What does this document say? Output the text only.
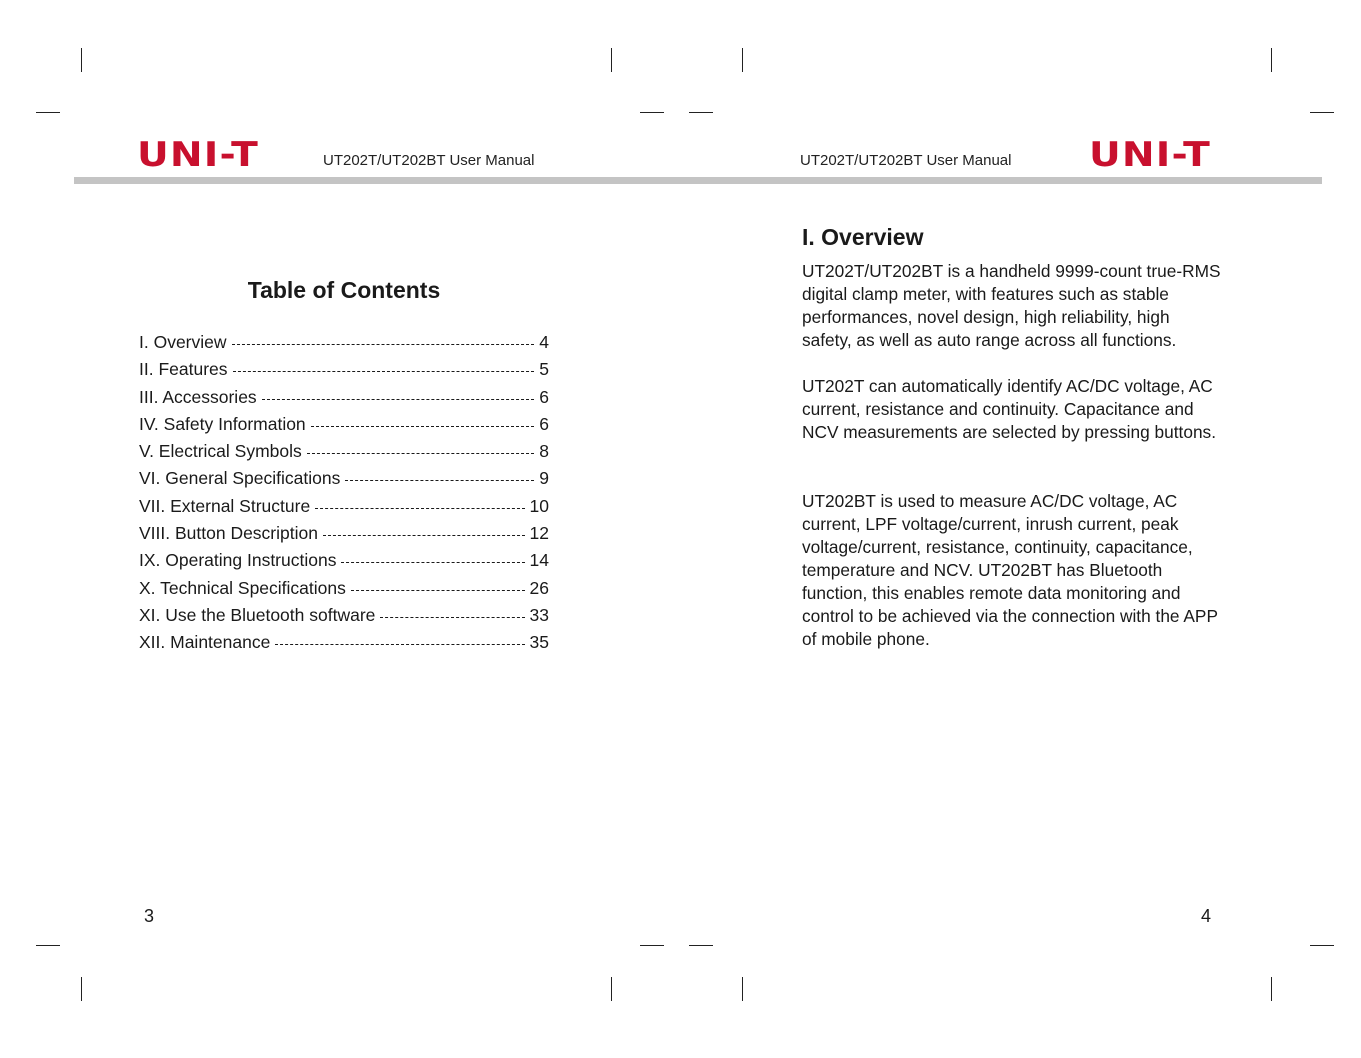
UNI-T	UT202T/UT202BT User Manual	UT202T/UT202BT User Manual UNI-T
Table of Contents
I. Overview	4
II. Features	5
III. Accessories	6
IV. Safety Information	6
V. Electrical Symbols	8
VI. General Specifications	9
VII. External Structure	10
VIII. Button Description	12
IX. Operating Instructions	14
X. Technical Specifications	26
XI. Use the Bluetooth software	33
XII. Maintenance	35
3
I. Overview

UT202T/UT202BT is a handheld 9999-count true-RMS digital clamp meter, with features such as stable performances, novel design, high reliability, high safety, as well as auto range across all functions.

UT202T can automatically identify AC/DC voltage, AC current, resistance and continuity. Capacitance and NCV measurements are selected by pressing buttons.

UT202BT is used to measure AC/DC voltage, AC current, LPF voltage/current, inrush current, peak voltage/current, resistance, continuity, capacitance, temperature and NCV. UT202BT has Bluetooth function, this enables remote data monitoring and control to be achieved via the connection with the APP of mobile phone.

4
